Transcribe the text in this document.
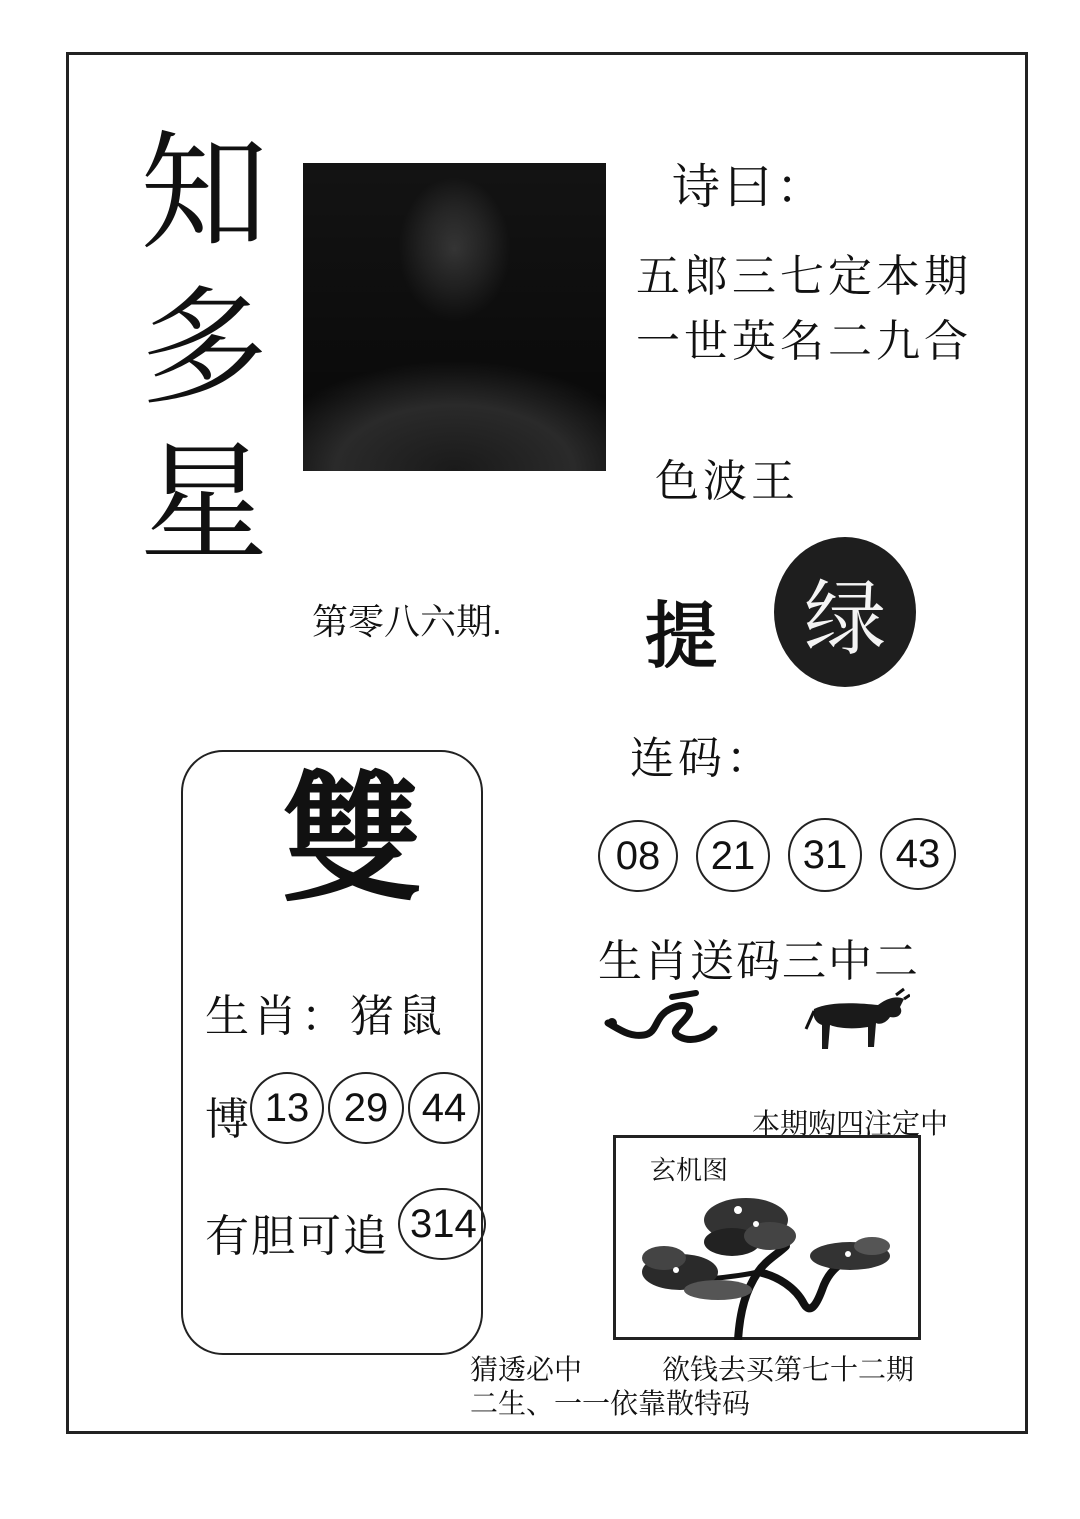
知
多
星
诗曰：
五郎三七定本期
一世英名二九合
色波王
第零八六期. 提 绿
连码：
08	21	31	43
生肖送码三中二
本期购四注定中
雙
生肖： 猪鼠
博 13 29 44
有胆可追 314
玄机图
猜透必中	欲钱去买第七十二期
二生、一一依靠散特码
